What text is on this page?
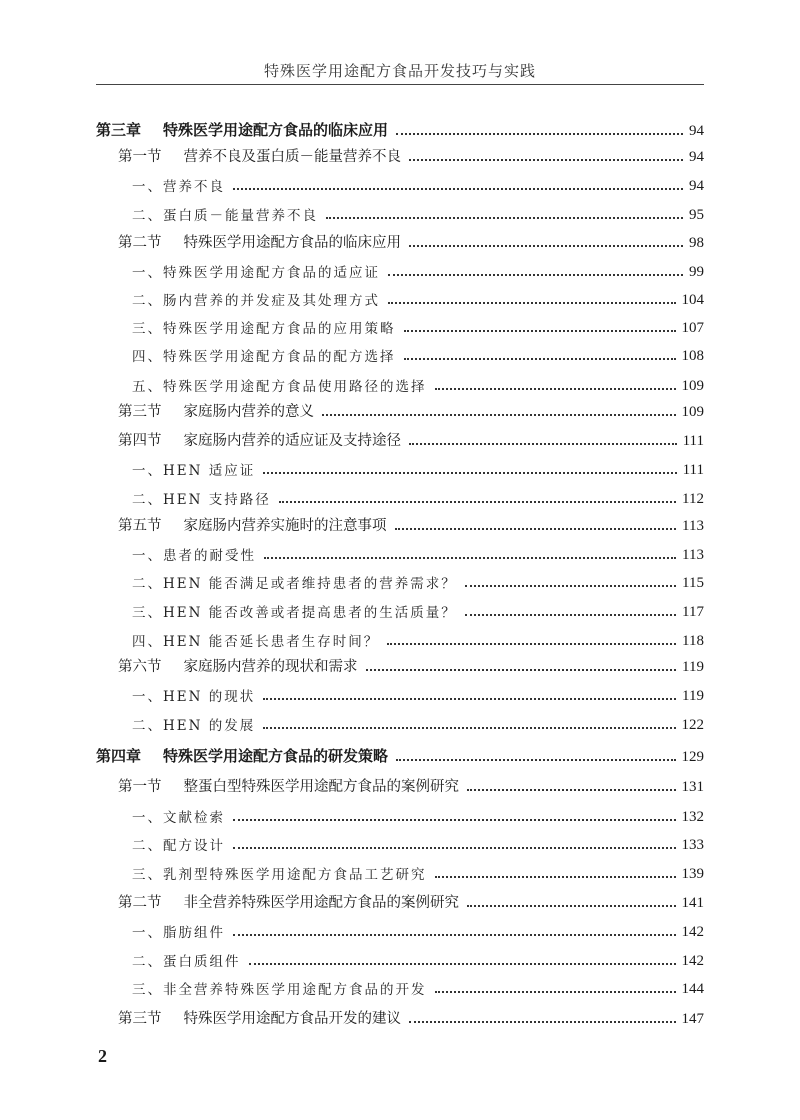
特殊医学用途配方食品开发技巧与实践
第三章 特殊医学用途配方食品的临床应用	94
第一节 营养不良及蛋白质－能量营养不良	94
一、营养不良	94
二、蛋白质－能量营养不良	95
第二节 特殊医学用途配方食品的临床应用	98
一、特殊医学用途配方食品的适应证	99
二、肠内营养的并发症及其处理方式	104
三、特殊医学用途配方食品的应用策略	107
四、特殊医学用途配方食品的配方选择	108
五、特殊医学用途配方食品使用路径的选择	109
第三节 家庭肠内营养的意义	109
第四节 家庭肠内营养的适应证及支持途径	111
一、HEN 适应证	111
二、HEN 支持路径	112
第五节 家庭肠内营养实施时的注意事项	113
一、患者的耐受性	113
二、HEN 能否满足或者维持患者的营养需求？	115
三、HEN 能否改善或者提高患者的生活质量？	117
四、HEN 能否延长患者生存时间？	118
第六节 家庭肠内营养的现状和需求	119
一、HEN 的现状	119
二、HEN 的发展	122
第四章 特殊医学用途配方食品的研发策略	129
第一节 整蛋白型特殊医学用途配方食品的案例研究	131
一、文献检索	132
二、配方设计	133
三、乳剂型特殊医学用途配方食品工艺研究	139
第二节 非全营养特殊医学用途配方食品的案例研究	141
一、脂肪组件	142
二、蛋白质组件	142
三、非全营养特殊医学用途配方食品的开发	144
第三节 特殊医学用途配方食品开发的建议	147
2
